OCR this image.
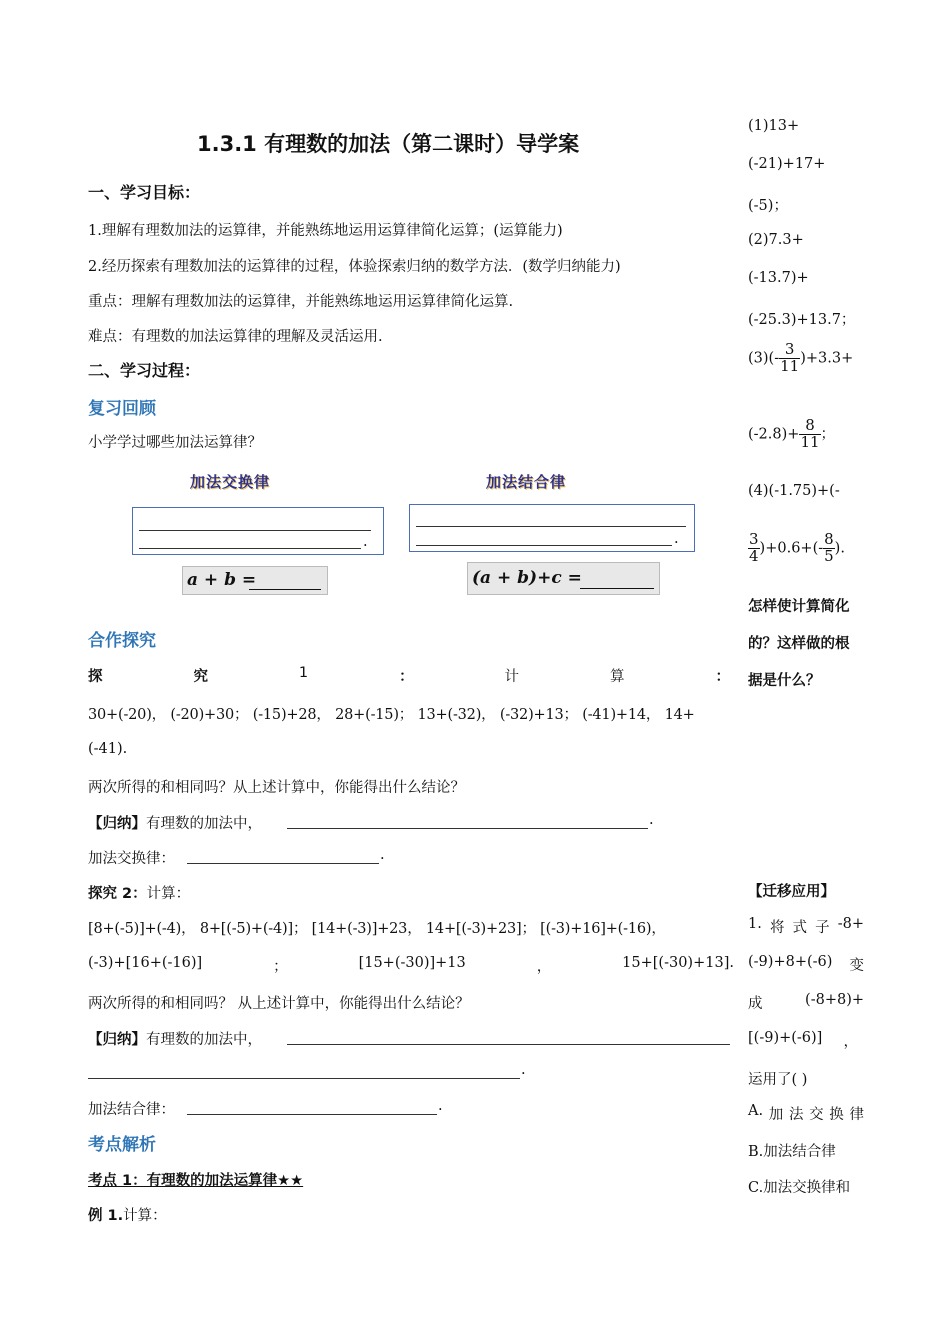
1.3.1 有理数的加法（第二课时）导学案
一、学习目标：
1.理解有理数加法的运算律，并能熟练地运用运算律简化运算；(运算能力)
2.经历探索有理数加法的运算律的过程，体验探索归纳的数学方法．(数学归纳能力)
重点：理解有理数加法的运算律，并能熟练地运用运算律简化运算.
难点：有理数的加法运算律的理解及灵活运用.
二、学习过程：
复习回顾
小学学过哪些加法运算律？
加法交换律
.
a + b =
加法结合律
.
(a + b)+c =
合作探究
探	究	1	：	计	算	：
30+(-20)， (-20)+30； (-15)+28， 28+(-15)； 13+(-32)， (-32)+13； (-41)+14， 14+
(-41).
两次所得的和相同吗？从上述计算中，你能得出什么结论？
【归纳】有理数的加法中，	.
加法交换律：	.
探究 2：计算：
[8+(-5)]+(-4)， 8+[(-5)+(-4)]； [14+(-3)]+23， 14+[(-3)+23]； [(-3)+16]+(-16)，
(-3)+[16+(-16)]	；	[15+(-30)]+13	，	15+[(-30)+13].
两次所得的和相同吗？ 从上述计算中，你能得出什么结论？
【归纳】有理数的加法中，
.
加法结合律：	.
考点解析
考点 1：有理数的加法运算律★★
例 1.计算：
(1)13+
(-21)+17+
(-5)；
(2)7.3+
(-13.7)+
(-25.3)+13.7；
$(3)(- \frac{3}{11} )+3.3+$
$(-2.8)+ \frac{8}{11}$ ；
(4)(-1.75)+(-
$\frac{3}{4} )+0.6+(- \frac{8}{5}$ ).
怎样使计算简化
的？这样做的根
据是什么？
【迁移应用】
1. 将 式 子 -8+
(-9)+8+(-6) 变
成	(-8+8)+
[(-9)+(-6)] ，
运用了( )
A. 加 法 交 换 律
B.加法结合律
C.加法交换律和
